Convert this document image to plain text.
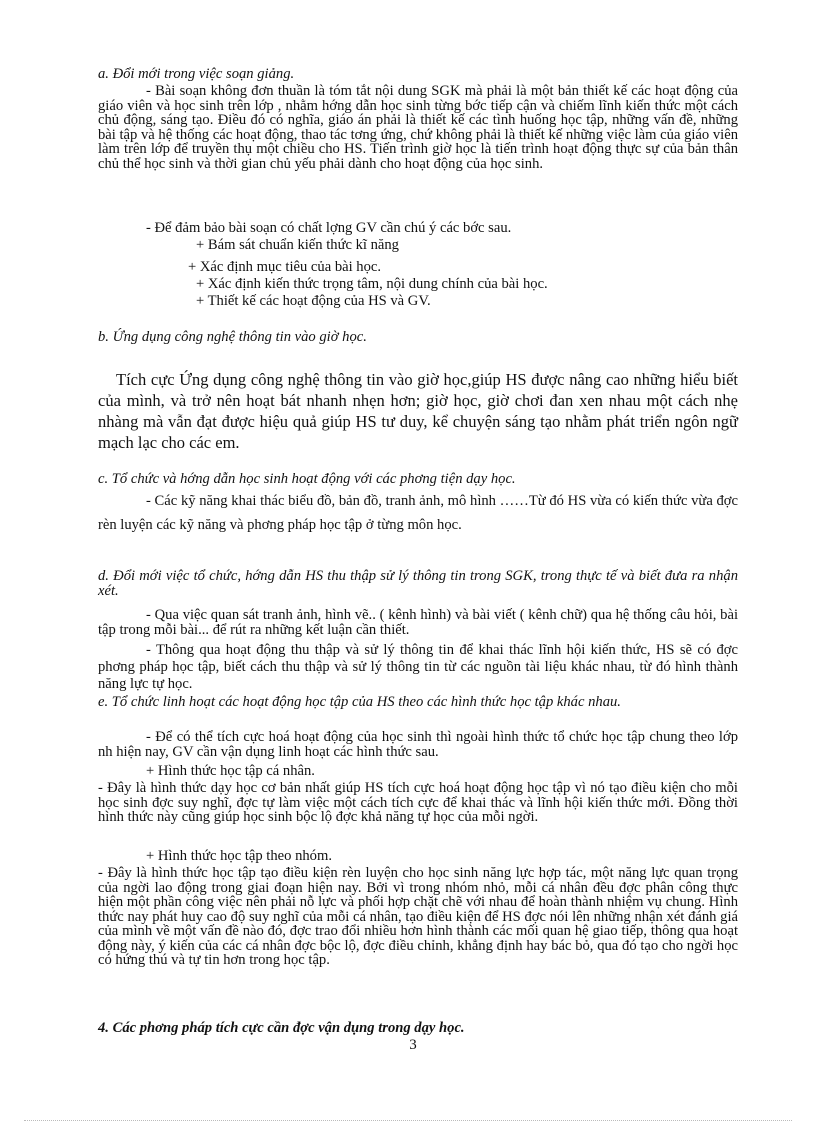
a. Đổi mới trong việc soạn giảng.

- Bài soạn không đơn thuần là tóm tắt nội dung SGK mà phải là một bản thiết kế các hoạt động của giáo viên và học sinh trên lớp , nhằm hớng dẫn học sinh từng bớc tiếp cận và chiếm lĩnh kiến thức một cách chủ động, sáng tạo. Điều đó có nghĩa, giáo án phải là thiết kế các tình huống học tập, những vấn đề, những bài tập và hệ thống các hoạt động, thao tác tơng ứng, chứ không phải là thiết kế những việc làm của giáo viên làm trên lớp để truyền thụ một chiều cho HS. Tiến trình giờ học là tiến trình hoạt động thực sự của bản thân chủ thể học sinh và thời gian chủ yếu phải dành cho hoạt động của học sinh.

- Để đảm bảo bài soạn có chất lợng GV cần chú ý các bớc sau.

+ Bám sát chuẩn kiến thức kĩ năng
+ Xác định mục tiêu của bài học.
+ Xác định kiến thức trọng tâm, nội dung chính của bài học.
+ Thiết kế các hoạt động của HS và GV.

b. Ứng dụng công nghệ thông tin vào giờ học.

Tích cực Ứng dụng công nghệ thông tin vào giờ học,giúp HS được nâng cao những hiểu biết của mình, và trở nên hoạt bát nhanh nhẹn hơn; giờ học, giờ chơi đan xen nhau một cách nhẹ nhàng mà vẫn đạt được hiệu quả giúp HS tư duy, kể chuyện sáng tạo nhằm phát triển ngôn ngữ mạch lạc cho các em.

c. Tổ chức và hớng dẫn học sinh hoạt động với các phơng tiện dạy học.

- Các kỹ năng khai thác biểu đồ, bản đồ, tranh ảnh, mô hình ……Từ đó HS vừa có kiến thức vừa đợc rèn luyện các kỹ năng và phơng pháp học tập ở từng môn học.

d. Đổi mới việc tổ chức, hớng dẫn HS thu thập sử lý thông tin trong SGK, trong thực tế và biết đưa ra nhận xét.

- Qua việc quan sát tranh ảnh, hình vẽ.. ( kênh hình) và bài viết ( kênh chữ) qua hệ thống câu hỏi, bài tập trong mỗi bài... để rút ra những kết luận cần thiết.

- Thông qua hoạt động thu thập và sử lý thông tin để khai thác lĩnh hội kiến thức, HS sẽ có đợc phơng pháp học tập, biết cách thu thập và sử lý thông tin từ các nguồn tài liệu khác nhau, từ đó hình thành năng lực tự học.

e. Tổ chức linh hoạt các hoạt động học tập của HS theo các hình thức học tập khác nhau.

- Để có thể tích cực hoá hoạt động của học sinh thì ngoài hình thức tổ chức học tập chung theo lớp nh hiện nay, GV cần vận dụng linh hoạt các hình thức sau.

+ Hình thức học tập cá nhân.

- Đây là hình thức dạy học cơ bản nhất giúp HS tích cực hoá hoạt động học tập vì nó tạo điều kiện cho mỗi học sinh đợc suy nghĩ, đợc tự làm việc một cách tích cực để khai thác và lĩnh hội kiến thức mới. Đồng thời hình thức này cũng giúp học sinh bộc lộ đợc khả năng tự học của mỗi ngời.

+ Hình thức học tập theo nhóm.

- Đây là hình thức học tập tạo điều kiện rèn luyện cho học sinh năng lực hợp tác, một năng lực quan trọng của ngời lao động trong giai đoạn hiện nay. Bởi vì trong nhóm nhỏ, mỗi cá nhân đều đợc phân công thực hiện một phần công việc nên phải nỗ lực và phối hợp chặt chẽ với nhau để hoàn thành nhiệm vụ chung. Hình thức nay phát huy cao độ suy nghĩ của mỗi cá nhân, tạo điều kiện để HS đợc nói lên những nhận xét đánh giá của mình về một vấn đề nào đó, đợc trao đổi nhiều hơn hình thành các mối quan hệ giao tiếp, thông qua hoạt động này, ý kiến của các cá nhân đợc bộc lộ, đợc điều chỉnh, khẳng định hay bác bỏ, qua đó tạo cho ngời học có hứng thú và tự tin hơn trong học tập.

4. Các phơng pháp tích cực cần đợc vận dụng trong dạy học.

3
